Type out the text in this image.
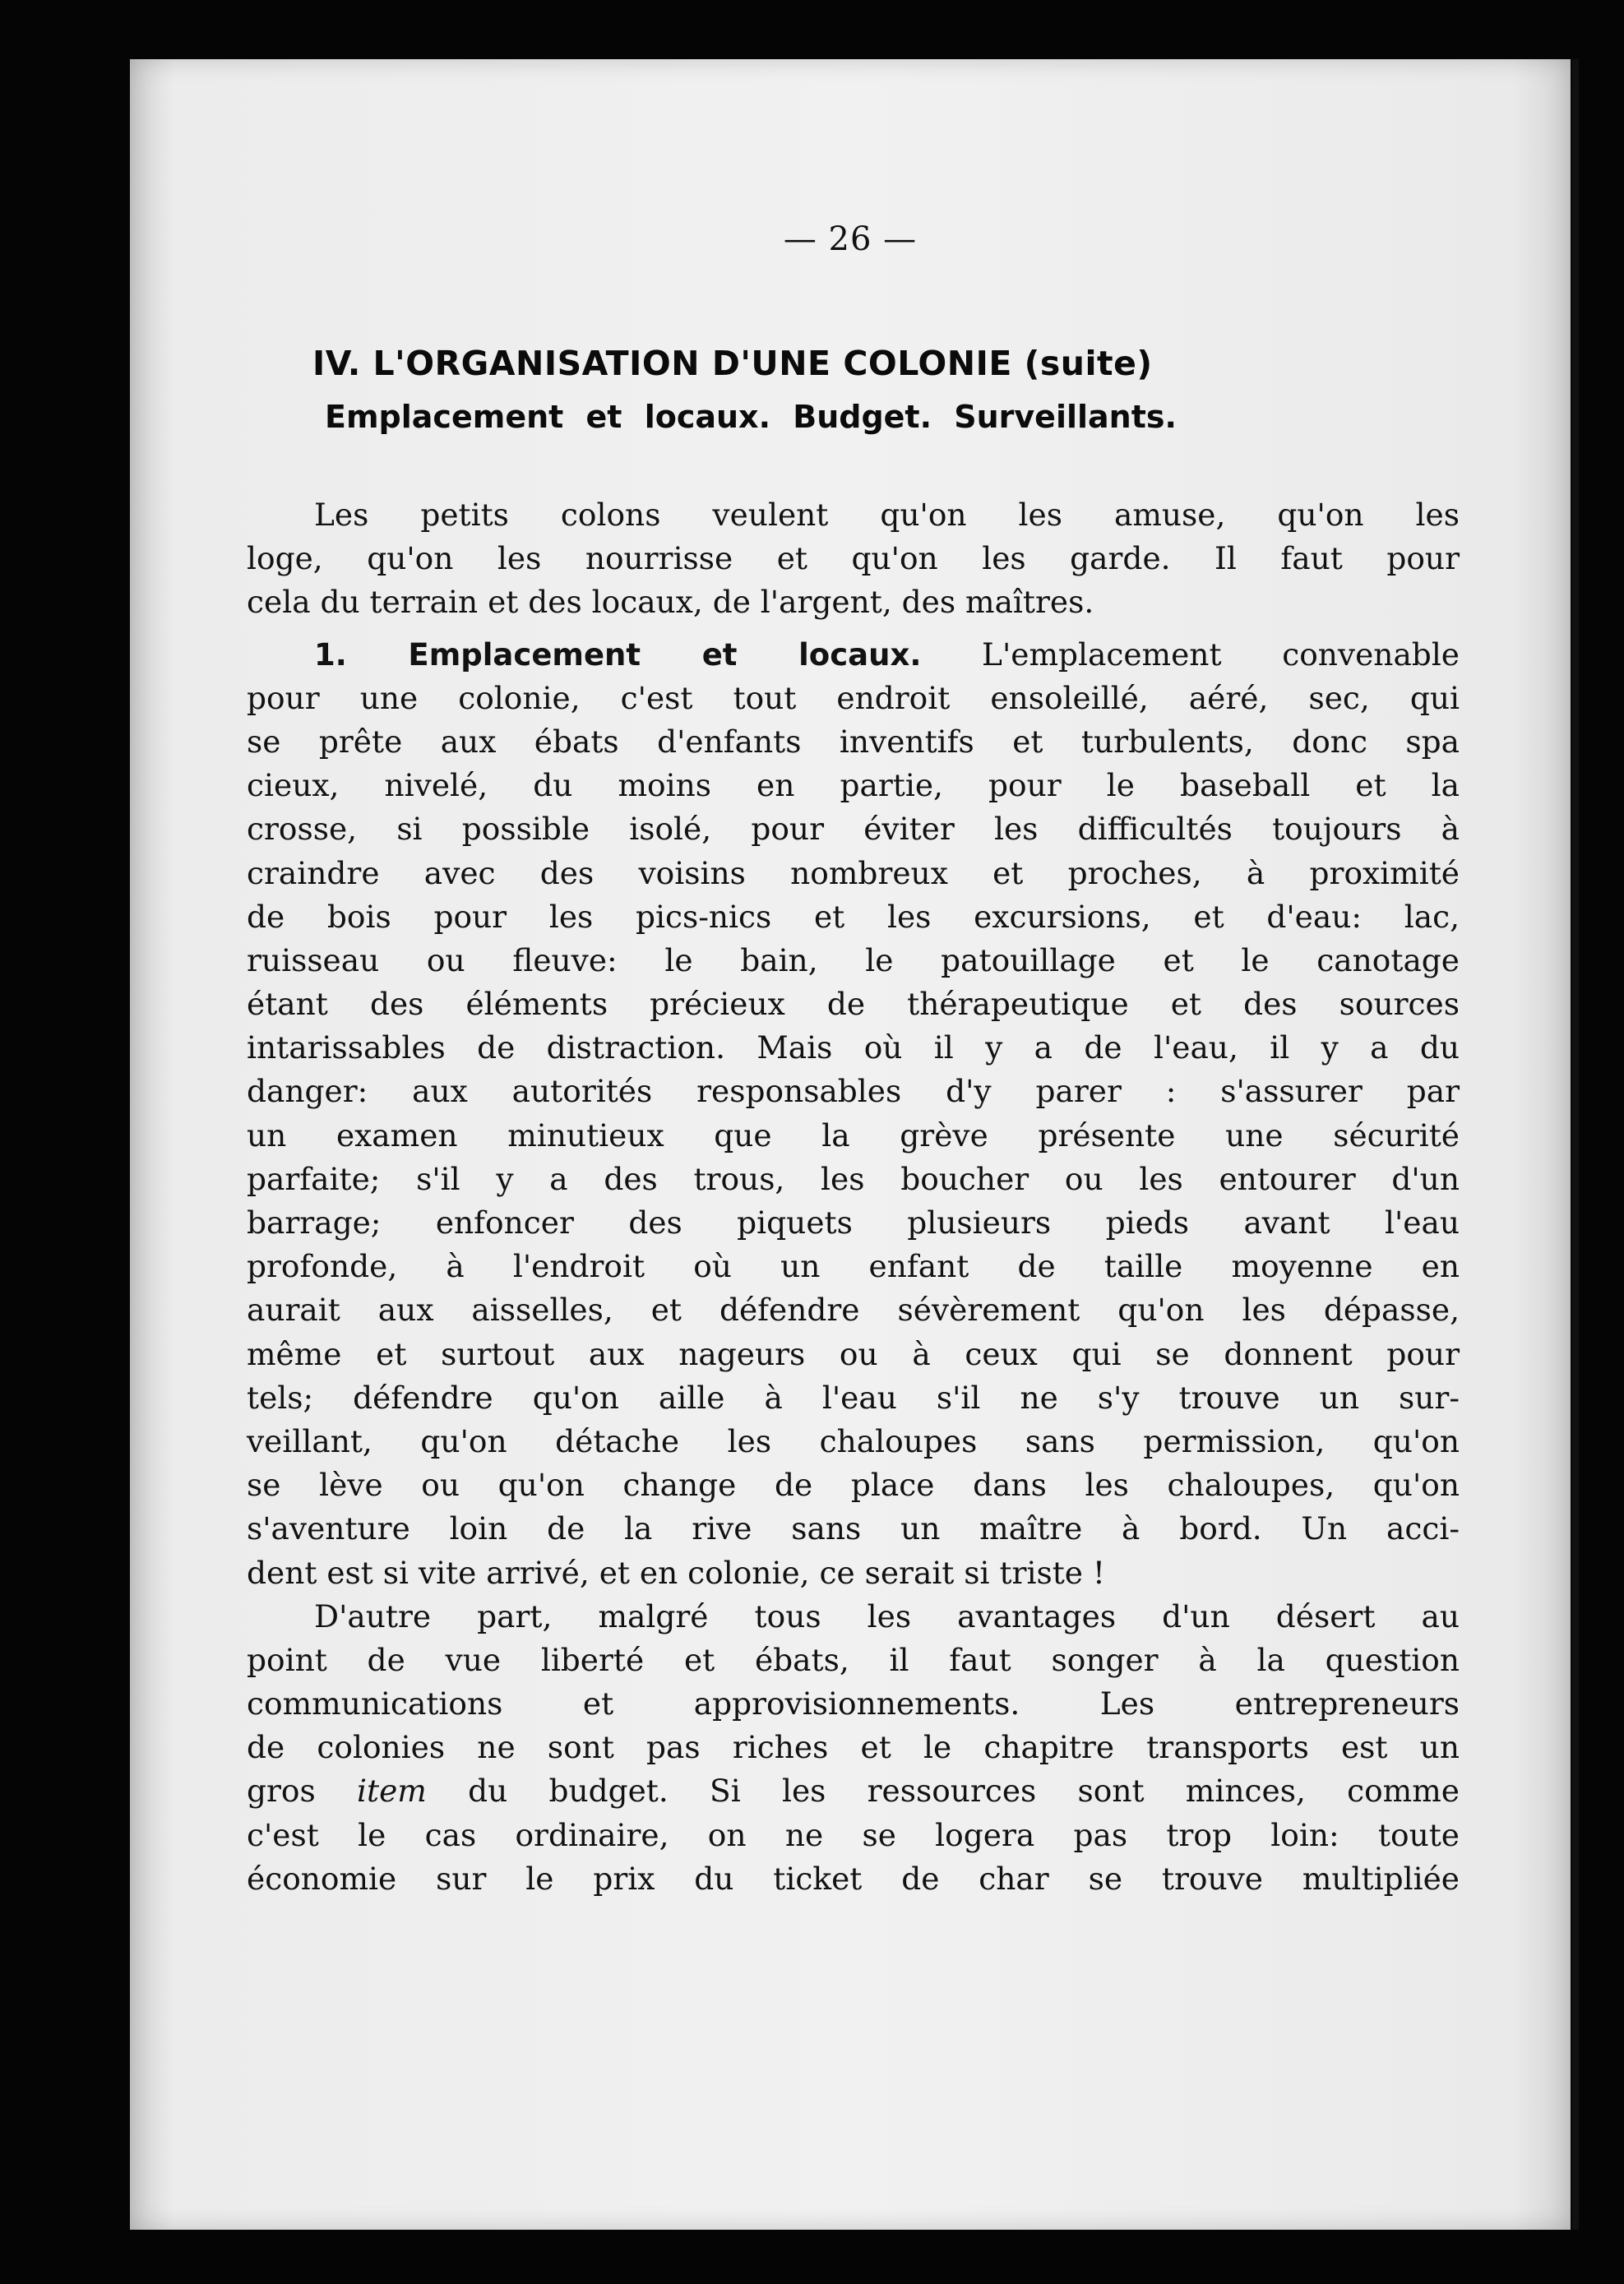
— 26 —
IV. L'ORGANISATION D'UNE COLONIE (suite)
Emplacement et locaux. Budget. Surveillants.
Les petits colons veulent qu'on les amuse, qu'on les
loge, qu'on les nourrisse et qu'on les garde. Il faut pour
cela du terrain et des locaux, de l'argent, des maîtres.
1. Emplacement et locaux. L'emplacement convenable
pour une colonie, c'est tout endroit ensoleillé, aéré, sec, qui
se prête aux ébats d'enfants inventifs et turbulents, donc spa
cieux, nivelé, du moins en partie, pour le baseball et la
crosse, si possible isolé, pour éviter les difficultés toujours à
craindre avec des voisins nombreux et proches, à proximité
de bois pour les pics-nics et les excursions, et d'eau: lac,
ruisseau ou fleuve: le bain, le patouillage et le canotage
étant des éléments précieux de thérapeutique et des sources
intarissables de distraction. Mais où il y a de l'eau, il y a du
danger: aux autorités responsables d'y parer : s'assurer par
un examen minutieux que la grève présente une sécurité
parfaite; s'il y a des trous, les boucher ou les entourer d'un
barrage; enfoncer des piquets plusieurs pieds avant l'eau
profonde, à l'endroit où un enfant de taille moyenne en
aurait aux aisselles, et défendre sévèrement qu'on les dépasse,
même et surtout aux nageurs ou à ceux qui se donnent pour
tels; défendre qu'on aille à l'eau s'il ne s'y trouve un sur-
veillant, qu'on détache les chaloupes sans permission, qu'on
se lève ou qu'on change de place dans les chaloupes, qu'on
s'aventure loin de la rive sans un maître à bord. Un acci-
dent est si vite arrivé, et en colonie, ce serait si triste !
D'autre part, malgré tous les avantages d'un désert au
point de vue liberté et ébats, il faut songer à la question
communications et approvisionnements. Les entrepreneurs
de colonies ne sont pas riches et le chapitre transports est un
gros item du budget. Si les ressources sont minces, comme
c'est le cas ordinaire, on ne se logera pas trop loin: toute
économie sur le prix du ticket de char se trouve multipliée
